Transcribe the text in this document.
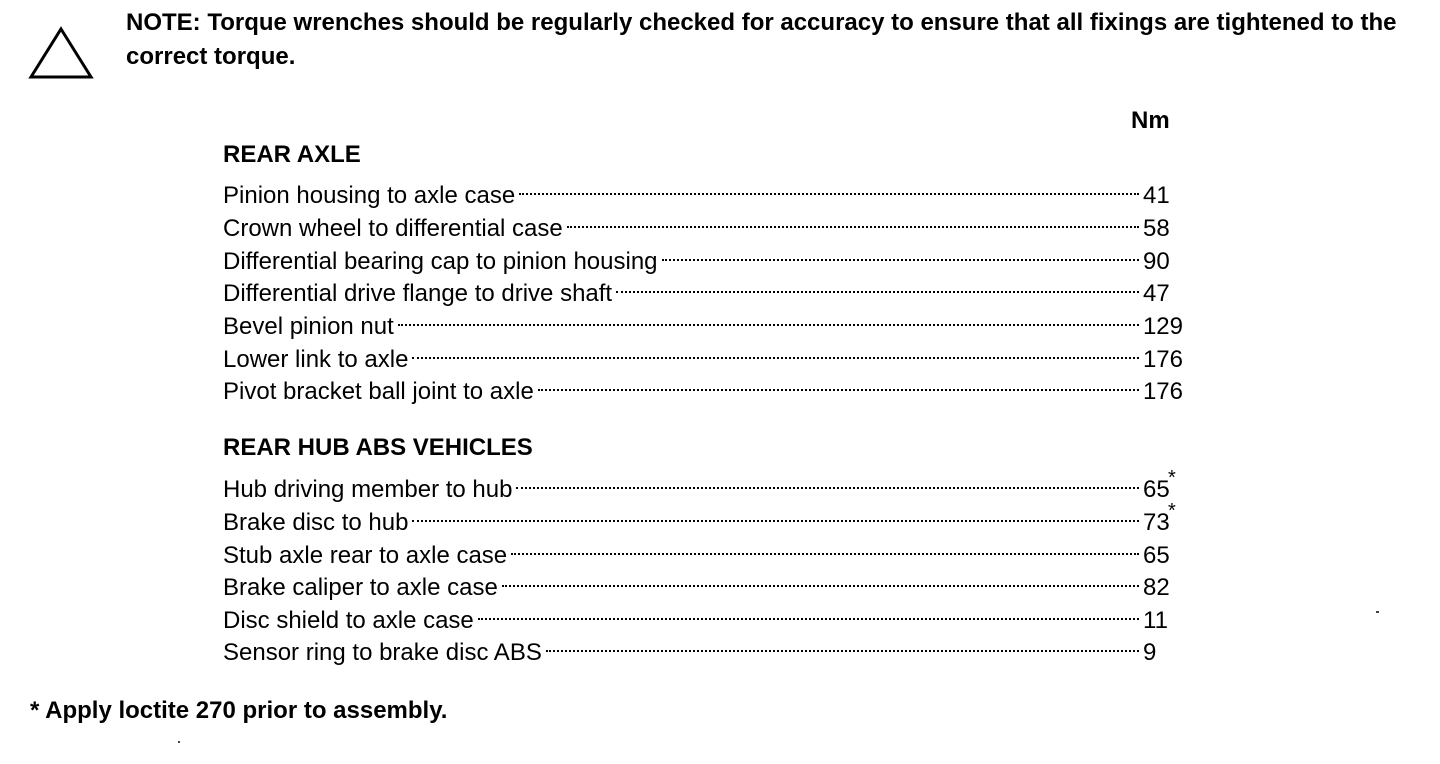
NOTE: Torque wrenches should be regularly checked for accuracy to ensure that all fixings are tightened to the correct torque.
Nm
REAR AXLE
Pinion housing to axle case	41
Crown wheel to differential case	58
Differential bearing cap to pinion housing	90
Differential drive flange to drive shaft	47
Bevel pinion nut	129
Lower link to axle	176
Pivot bracket ball joint to axle	176
REAR HUB ABS VEHICLES
Hub driving member to hub	65
*
Brake disc to hub	73
*
Stub axle rear to axle case	65
Brake caliper to axle case	82
Disc shield to axle case	11
Sensor ring to brake disc ABS	9
* Apply loctite 270 prior to assembly.
